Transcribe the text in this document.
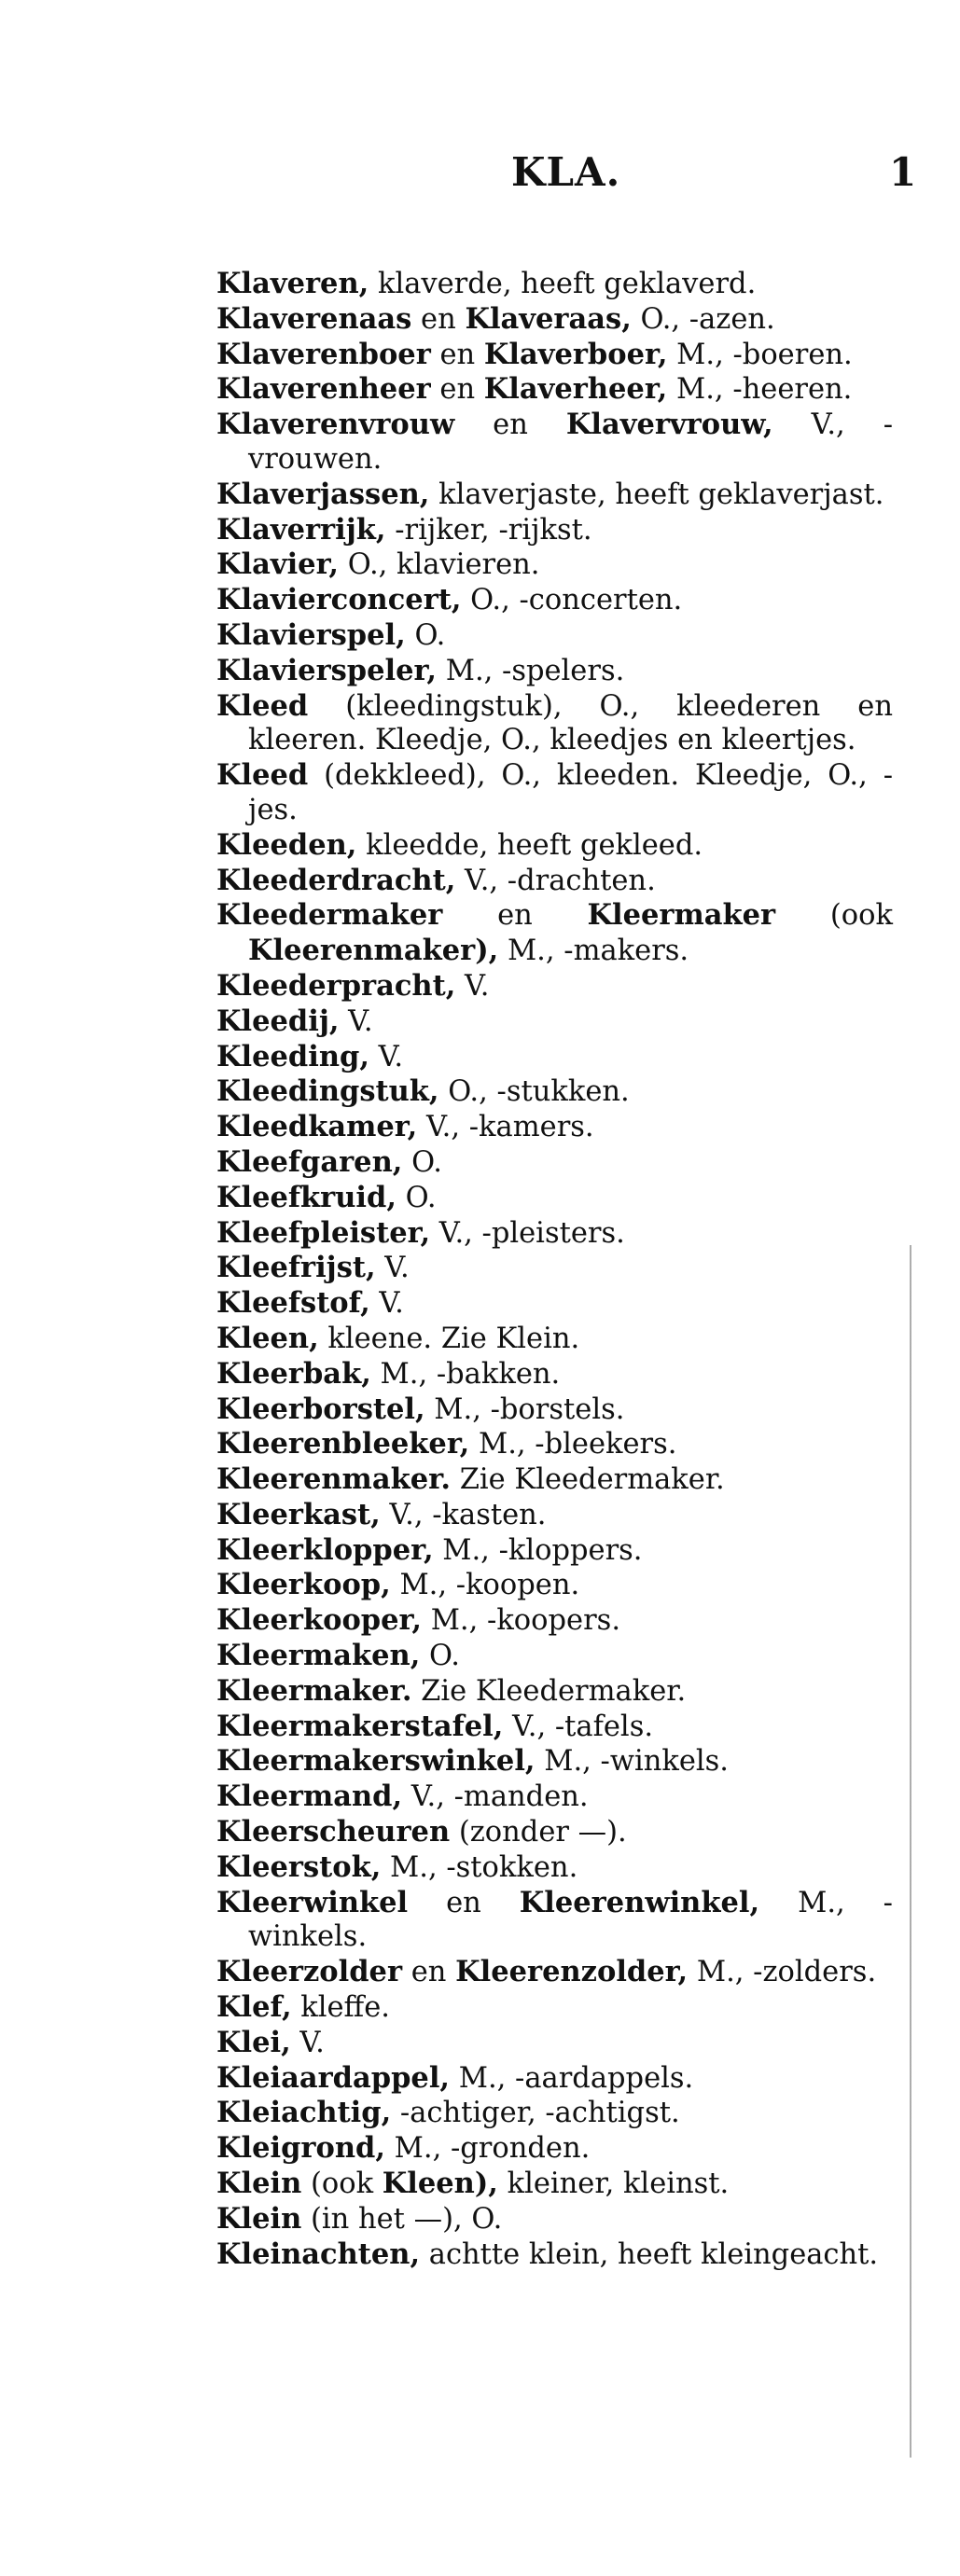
KLA.	1

Klaveren, klaverde, heeft geklaverd.

Klaverenaas en Klaveraas, O., -azen.

Klaverenboer en Klaverboer, M., -boeren.

Klaverenheer en Klaverheer, M., -heeren.

Klaverenvrouw en Klavervrouw, V., -vrouwen.

Klaverjassen, klaverjaste, heeft geklaverjast.

Klaverrijk, -rijker, -rijkst.

Klavier, O., klavieren.

Klavierconcert, O., -concerten.

Klavierspel, O.

Klavierspeler, M., -spelers.

Kleed (kleedingstuk), O., kleederen en kleeren. Kleedje, O., kleedjes en kleertjes.

Kleed (dekkleed), O., kleeden. Kleedje, O., -jes.

Kleeden, kleedde, heeft gekleed.

Kleederdracht, V., -drachten.

Kleedermaker en Kleermaker (ook Kleerenmaker), M., -makers.

Kleederpracht, V.

Kleedij, V.

Kleeding, V.

Kleedingstuk, O., -stukken.

Kleedkamer, V., -kamers.

Kleefgaren, O.

Kleefkruid, O.

Kleefpleister, V., -pleisters.

Kleefrijst, V.

Kleefstof, V.

Kleen, kleene. Zie Klein.

Kleerbak, M., -bakken.

Kleerborstel, M., -borstels.

Kleerenbleeker, M., -bleekers.

Kleerenmaker. Zie Kleedermaker.

Kleerkast, V., -kasten.

Kleerklopper, M., -kloppers.

Kleerkoop, M., -koopen.

Kleerkooper, M., -koopers.

Kleermaken, O.

Kleermaker. Zie Kleedermaker.

Kleermakerstafel, V., -tafels.

Kleermakerswinkel, M., -winkels.

Kleermand, V., -manden.

Kleerscheuren (zonder —).

Kleerstok, M., -stokken.

Kleerwinkel en Kleerenwinkel, M., -winkels.

Kleerzolder en Kleerenzolder, M., -zolders.

Klef, kleffe.

Klei, V.

Kleiaardappel, M., -aardappels.

Kleiachtig, -achtiger, -achtigst.

Kleigrond, M., -gronden.

Klein (ook Kleen), kleiner, kleinst.

Klein (in het —), O.

Kleinachten, achtte klein, heeft kleingeacht.
